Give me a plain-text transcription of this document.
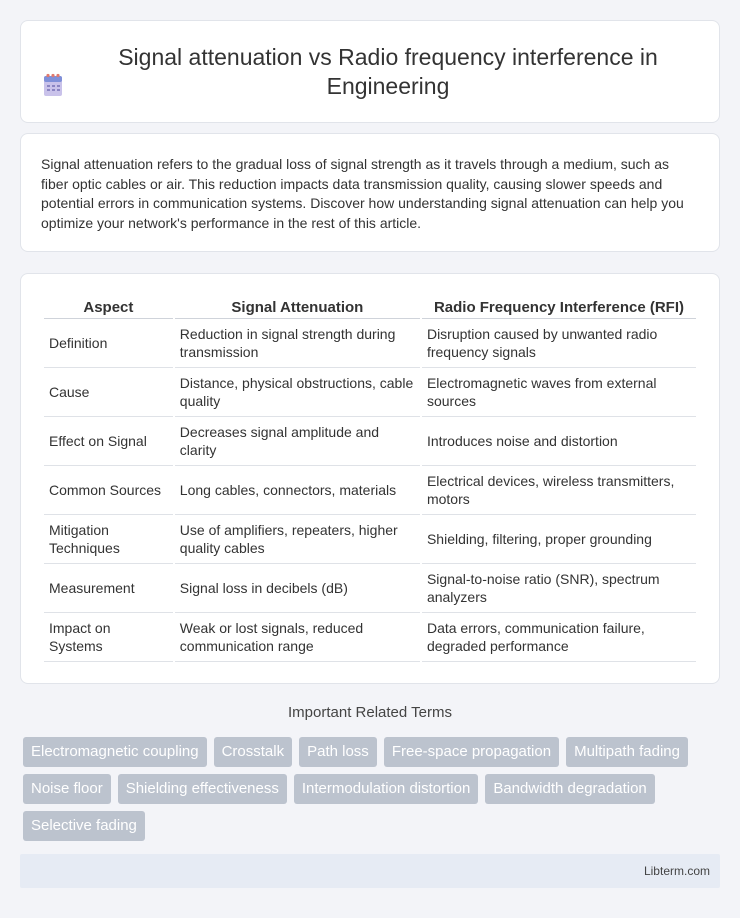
Signal attenuation vs Radio frequency interference in Engineering

Signal attenuation refers to the gradual loss of signal strength as it travels through a medium, such as fiber optic cables or air. This reduction impacts data transmission quality, causing slower speeds and potential errors in communication systems. Discover how understanding signal attenuation can help you optimize your network's performance in the rest of this article.

Aspect	Signal Attenuation	Radio Frequency Interference (RFI)
Definition	Reduction in signal strength during transmission	Disruption caused by unwanted radio frequency signals
Cause	Distance, physical obstructions, cable quality	Electromagnetic waves from external sources
Effect on Signal	Decreases signal amplitude and clarity	Introduces noise and distortion
Common Sources	Long cables, connectors, materials	Electrical devices, wireless transmitters, motors
Mitigation Techniques	Use of amplifiers, repeaters, higher quality cables	Shielding, filtering, proper grounding
Measurement	Signal loss in decibels (dB)	Signal-to-noise ratio (SNR), spectrum analyzers
Impact on Systems	Weak or lost signals, reduced communication range	Data errors, communication failure, degraded performance
Important Related Terms
Electromagnetic coupling	Crosstalk	Path loss	Free-space propagation	Multipath fading
Noise floor	Shielding effectiveness	Intermodulation distortion	Bandwidth degradation
Selective fading
Libterm.com
